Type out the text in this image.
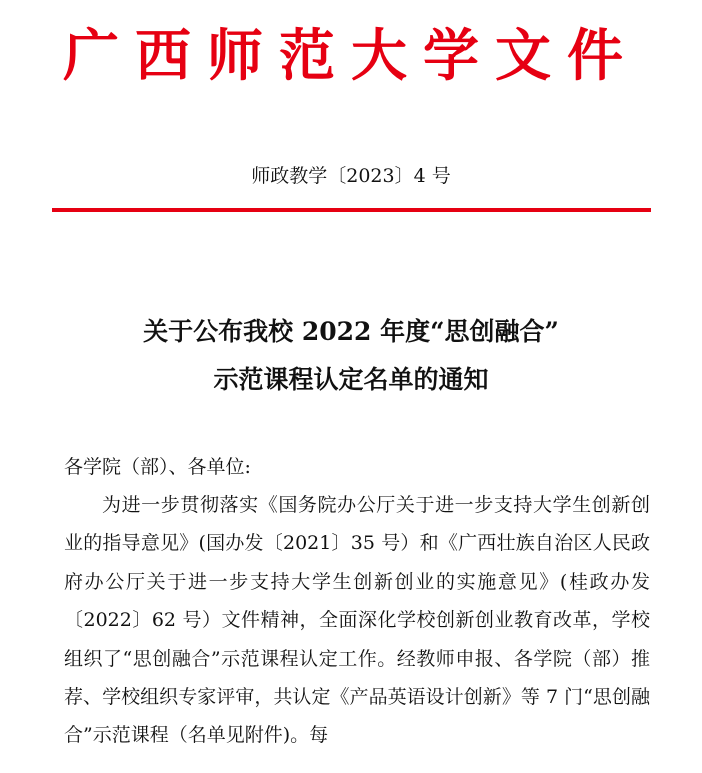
广西师范大学文件
师政教学〔2023〕4 号
关于公布我校 2022 年度“思创融合”
示范课程认定名单的通知
各学院（部）、各单位:
为进一步贯彻落实《国务院办公厅关于进一步支持大学生创新创业的指导意见》(国办发〔2021〕35 号）和《广西壮族自治区人民政府办公厅关于进一步支持大学生创新创业的实施意见》(桂政办发〔2022〕62 号）文件精神，全面深化学校创新创业教育改革，学校组织了“思创融合”示范课程认定工作。经教师申报、各学院（部）推荐、学校组织专家评审，共认定《产品英语设计创新》等 7 门“思创融合”示范课程（名单见附件)。每
